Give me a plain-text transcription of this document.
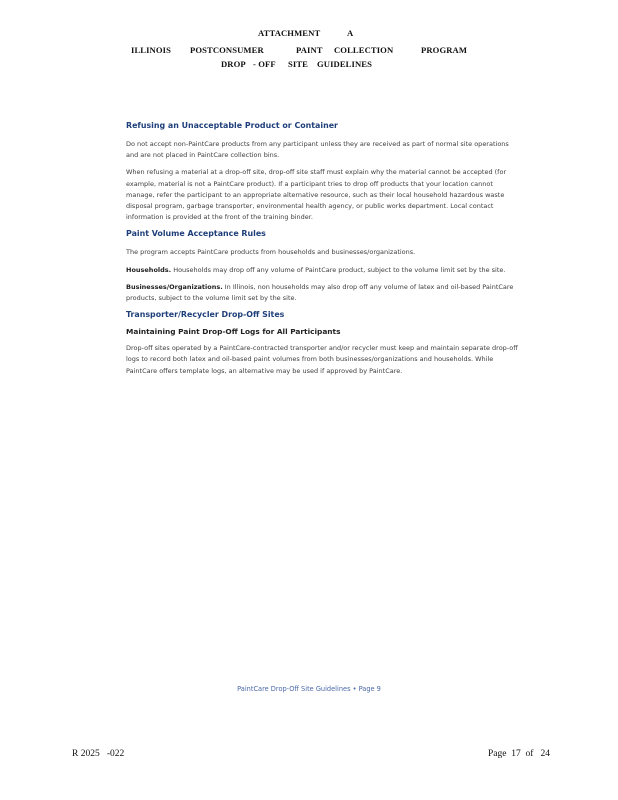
ATTACHMENT	A
ILLINOIS POSTCONSUMER	PAINT COLLECTION	PROGRAM
DROP - OFF SITE GUIDELINES
Refusing an Unacceptable Product or Container

Do not accept non-PaintCare products from any participant unless they are received as part of normal site operations and are not placed in PaintCare collection bins.

When refusing a material at a drop-off site, drop-off site staff must explain why the material cannot be accepted (for example, material is not a PaintCare product). If a participant tries to drop off products that your location cannot manage, refer the participant to an appropriate alternative resource, such as their local household hazardous waste disposal program, garbage transporter, environmental health agency, or public works department. Local contact information is provided at the front of the training binder.

Paint Volume Acceptance Rules

The program accepts PaintCare products from households and businesses/organizations.

Households. Households may drop off any volume of PaintCare product, subject to the volume limit set by the site.

Businesses/Organizations. In Illinois, non households may also drop off any volume of latex and oil-based PaintCare products, subject to the volume limit set by the site.

Transporter/Recycler Drop-Off Sites
Maintaining Paint Drop-Off Logs for All Participants

Drop-off sites operated by a PaintCare-contracted transporter and/or recycler must keep and maintain separate drop-off logs to record both latex and oil-based paint volumes from both businesses/organizations and households. While PaintCare offers template logs, an alternative may be used if approved by PaintCare.

PaintCare Drop-Off Site Guidelines • Page 9
R 2025 -022	Page 17 of 24
